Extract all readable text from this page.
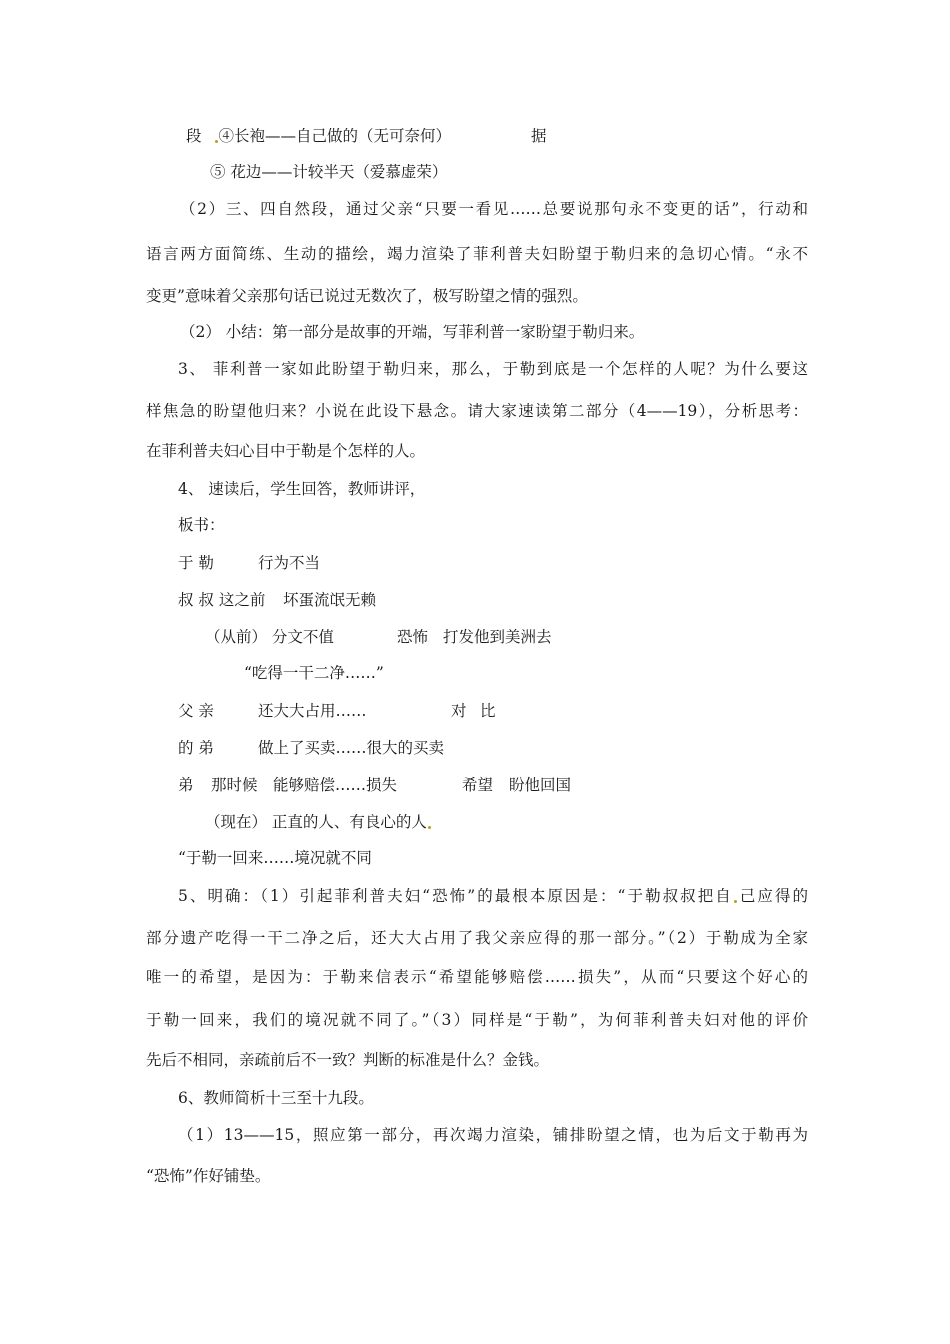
段 ④长袍——自己做的（无可奈何）	据
⑤ 花边——计较半天（爱慕虚荣）
（2）三、四自然段，通过父亲“只要一看见……总要说那句永不变更的话”，行动和
语言两方面简练、生动的描绘，竭力渲染了菲利普夫妇盼望于勒归来的急切心情。“永不
变更”意味着父亲那句话已说过无数次了，极写盼望之情的强烈。
（2） 小结：第一部分是故事的开端，写菲利普一家盼望于勒归来。
3、 菲利普一家如此盼望于勒归来，那么，于勒到底是一个怎样的人呢？为什么要这
样焦急的盼望他归来？小说在此设下悬念。请大家速读第二部分（4——19），分析思考：
在菲利普夫妇心目中于勒是个怎样的人。
4、 速读后，学生回答，教师讲评，
板书：
于 勒	行为不当
叔 叔 这之前 坏蛋流氓无赖
（从前） 分文不值	恐怖 打发他到美洲去
“吃得一干二净……”
父 亲	还大大占用……	对 比
的 弟	做上了买卖……很大的买卖
弟 那时候 能够赔偿……损失	希望 盼他回国
（现在） 正直的人、有良心的人
“于勒一回来……境况就不同
5、明确：（1）引起菲利普夫妇“恐怖”的最根本原因是：“于勒叔叔把自 己应得的
部分遗产吃得一干二净之后，还大大占用了我父亲应得的那一部分。”（2）于勒成为全家
唯一的希望，是因为：于勒来信表示“希望能够赔偿……损失”，从而“只要这个好心的
于勒一回来，我们的境况就不同了。”（3）同样是“于勒”，为何菲利普夫妇对他的评价
先后不相同，亲疏前后不一致？判断的标准是什么？金钱。
6、教师简析十三至十九段。
（1）13——15，照应第一部分，再次竭力渲染，铺排盼望之情，也为后文于勒再为
“恐怖”作好铺垫。
